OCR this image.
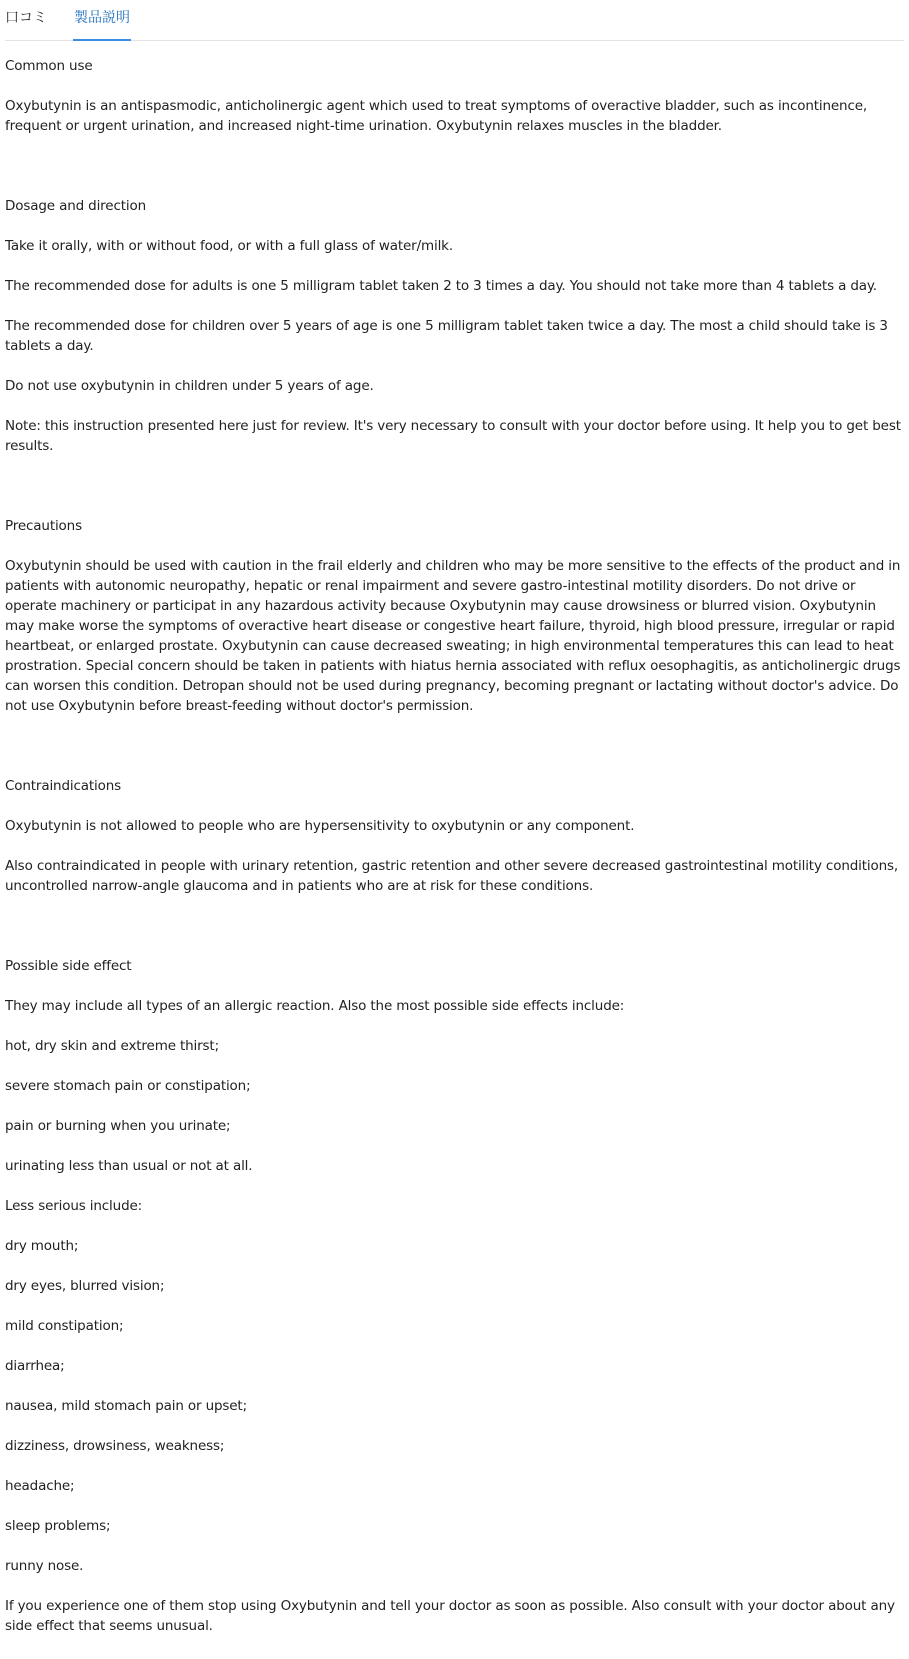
口コミ 製品説明

Common use

Oxybutynin is an antispasmodic, anticholinergic agent which used to treat symptoms of overactive bladder, such as incontinence, frequent or urgent urination, and increased night-time urination. Oxybutynin relaxes muscles in the bladder.

Dosage and direction

Take it orally, with or without food, or with a full glass of water/milk.

The recommended dose for adults is one 5 milligram tablet taken 2 to 3 times a day. You should not take more than 4 tablets a day.

The recommended dose for children over 5 years of age is one 5 milligram tablet taken twice a day. The most a child should take is 3 tablets a day.

Do not use oxybutynin in children under 5 years of age.

Note: this instruction presented here just for review. It's very necessary to consult with your doctor before using. It help you to get best results.

Precautions

Oxybutynin should be used with caution in the frail elderly and children who may be more sensitive to the effects of the product and in patients with autonomic neuropathy, hepatic or renal impairment and severe gastro-intestinal motility disorders. Do not drive or operate machinery or participat in any hazardous activity because Oxybutynin may cause drowsiness or blurred vision. Oxybutynin may make worse the symptoms of overactive heart disease or congestive heart failure, thyroid, high blood pressure, irregular or rapid heartbeat, or enlarged prostate. Oxybutynin can cause decreased sweating; in high environmental temperatures this can lead to heat prostration. Special concern should be taken in patients with hiatus hernia associated with reflux oesophagitis, as anticholinergic drugs can worsen this condition. Detropan should not be used during pregnancy, becoming pregnant or lactating without doctor's advice. Do not use Oxybutynin before breast-feeding without doctor's permission.

Contraindications

Oxybutynin is not allowed to people who are hypersensitivity to oxybutynin or any component.

Also contraindicated in people with urinary retention, gastric retention and other severe decreased gastrointestinal motility conditions, uncontrolled narrow-angle glaucoma and in patients who are at risk for these conditions.

Possible side effect

They may include all types of an allergic reaction. Also the most possible side effects include:

hot, dry skin and extreme thirst;

severe stomach pain or constipation;

pain or burning when you urinate;

urinating less than usual or not at all.

Less serious include:

dry mouth;

dry eyes, blurred vision;

mild constipation;

diarrhea;

nausea, mild stomach pain or upset;

dizziness, drowsiness, weakness;

headache;

sleep problems;

runny nose.

If you experience one of them stop using Oxybutynin and tell your doctor as soon as possible. Also consult with your doctor about any side effect that seems unusual.
